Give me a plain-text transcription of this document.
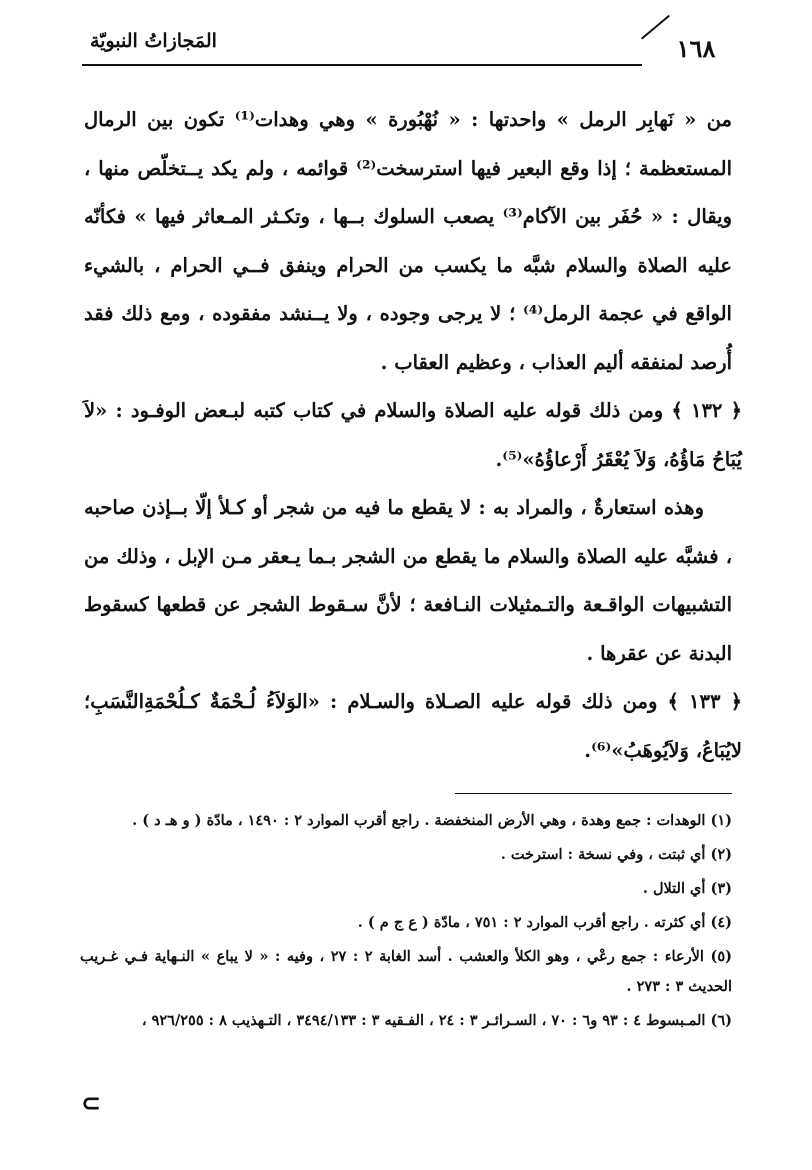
المَجازاتُ النبويّة	١٦٨

من « نَهابِر الرمل » واحدتها : « نُهْبُورة » وهي وهدات⁽¹⁾ تكون بين الرمال المستعظمة ؛ إذا وقع البعير فيها استرسخت⁽²⁾ قوائمه ، ولم يكد يــتخلّص منها ، ويقال : « حُفَر بين الآكام⁽³⁾ يصعب السلوك بــها ، وتكـثر المـعاثر فيها » فكأنّه عليه الصلاة والسلام شبَّه ما يكسب من الحرام وينفق فــي الحرام ، بالشيء الواقع في عجمة الرمل⁽⁴⁾ ؛ لا يرجى وجوده ، ولا يــنشد مفقوده ، ومع ذلك فقد أُرصد لمنفقه أليم العذاب ، وعظيم العقاب .

﴿ ١٣٢ ﴾ ومن ذلك قوله عليه الصلاة والسلام في كتاب كتبه لبـعض الوفـود : «لاَ يُبَاحُ مَاؤُهُ، وَلاَ يُعْقَرُ أَرْعاؤُهُ»⁽⁵⁾.

وهذه استعارةٌ ، والمراد به : لا يقطع ما فيه من شجر أو كـلأ إلّا بــإذن صاحبه ، فشبَّه عليه الصلاة والسلام ما يقطع من الشجر بـما يـعقر مـن الإبل ، وذلك من التشبيهات الواقـعة والتـمثيلات النـافعة ؛ لأنَّ سـقوط الشجر عن قطعها كسقوط البدنة عن عقرها .

﴿ ١٣٣ ﴾ ومن ذلك قوله عليه الصـلاة والسـلام : «الوَلاَءُ لُـحْمَةٌ كـلُحْمَةِالنَّسَبِ؛ لايُبَاعُ، وَلاَيُوهَبُ»⁽⁶⁾.

(١) الوهدات : جمع وهدة ، وهي الأرض المنخفضة . راجع أقرب الموارد ٢ : ١٤٩٠ ، مادّة ( و هـ د ) .

(٢) أي ثبتت ، وفي نسخة : استرخت .

(٣) أي التلال .

(٤) أي كثرته . راجع أقرب الموارد ٢ : ٧٥١ ، مادّة ( ع ج م ) .

(٥) الأرعاء : جمع رعْي ، وهو الكلأ والعشب . أسد الغابة ٢ : ٢٧ ، وفيه : « لا يباع » النـهاية فـي غـريب الحديث ٣ : ٢٧٣ .

(٦) المـبسوط ٤ : ٩٣ و٦ : ٧٠ ، السـرائـر ٣ : ٢٤ ، الفـقيه ٣ : ٣٤٩٤/١٣٣ ، التـهذيب ٨ : ٩٢٦/٢٥٥ ،

⊂
